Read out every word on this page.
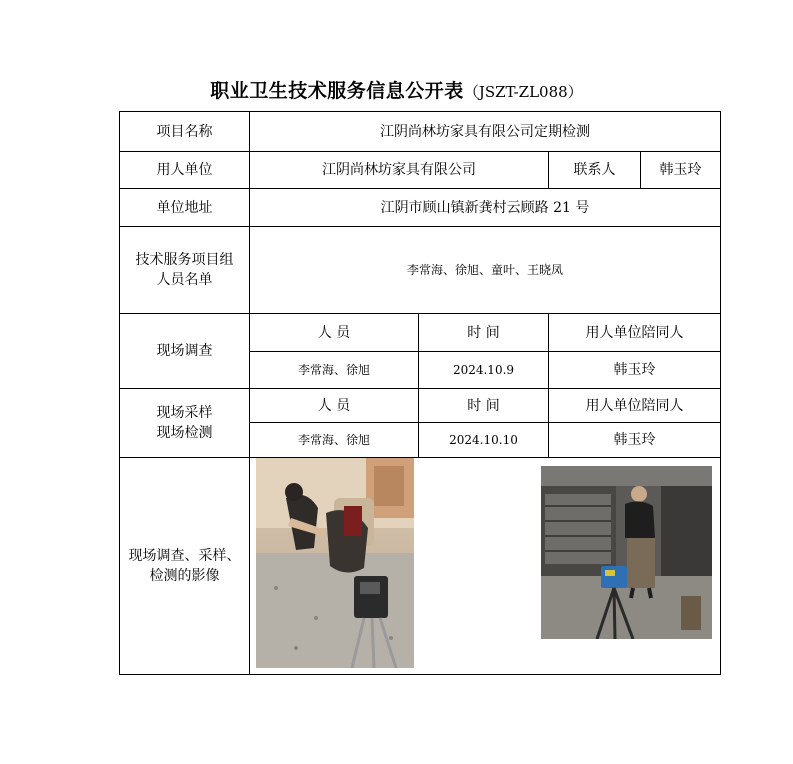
职业卫生技术服务信息公开表（JSZT-ZL088）
项目名称	江阴尚林坊家具有限公司定期检测			
用人单位	江阴尚林坊家具有限公司		联系人	韩玉玲
单位地址	江阴市顾山镇新龚村云顾路 21 号			

技术服务项目组
人员名单	李常海、徐旭、童叶、王晓凤			
现场调查	人 员	时 间	用人单位陪同人	
	李常海、徐旭	2024.10.9	韩玉玲	

现场采样
现场检测	人 员	时 间	用人单位陪同人	
	李常海、徐旭	2024.10.10	韩玉玲	

现场调查、采样、
检测的影像
